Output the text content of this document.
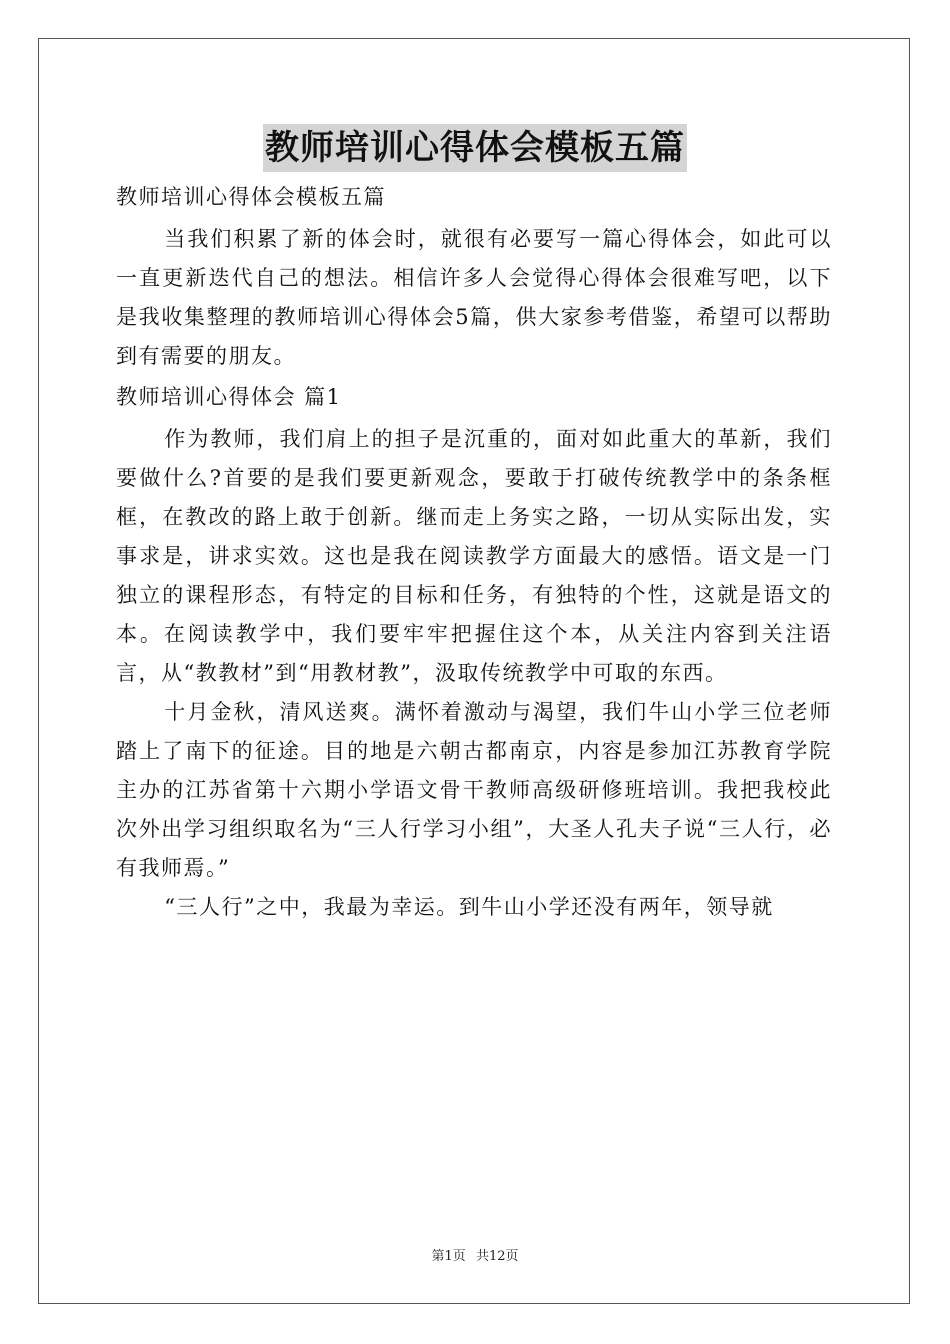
教师培训心得体会模板五篇

教师培训心得体会模板五篇

当我们积累了新的体会时，就很有必要写一篇心得体会，如此可以一直更新迭代自己的想法。相信许多人会觉得心得体会很难写吧，以下是我收集整理的教师培训心得体会5篇，供大家参考借鉴，希望可以帮助到有需要的朋友。

教师培训心得体会 篇1

作为教师，我们肩上的担子是沉重的，面对如此重大的革新，我们要做什么?首要的是我们要更新观念，要敢于打破传统教学中的条条框框，在教改的路上敢于创新。继而走上务实之路，一切从实际出发，实事求是，讲求实效。这也是我在阅读教学方面最大的感悟。语文是一门独立的课程形态，有特定的目标和任务，有独特的个性，这就是语文的本。在阅读教学中，我们要牢牢把握住这个本，从关注内容到关注语言，从“教教材”到“用教材教”，汲取传统教学中可取的东西。

十月金秋，清风送爽。满怀着激动与渴望，我们牛山小学三位老师踏上了南下的征途。目的地是六朝古都南京，内容是参加江苏教育学院主办的江苏省第十六期小学语文骨干教师高级研修班培训。我把我校此次外出学习组织取名为“三人行学习小组”，大圣人孔夫子说“三人行，必有我师焉。”

“三人行”之中，我最为幸运。到牛山小学还没有两年，领导就

第1页 共12页
